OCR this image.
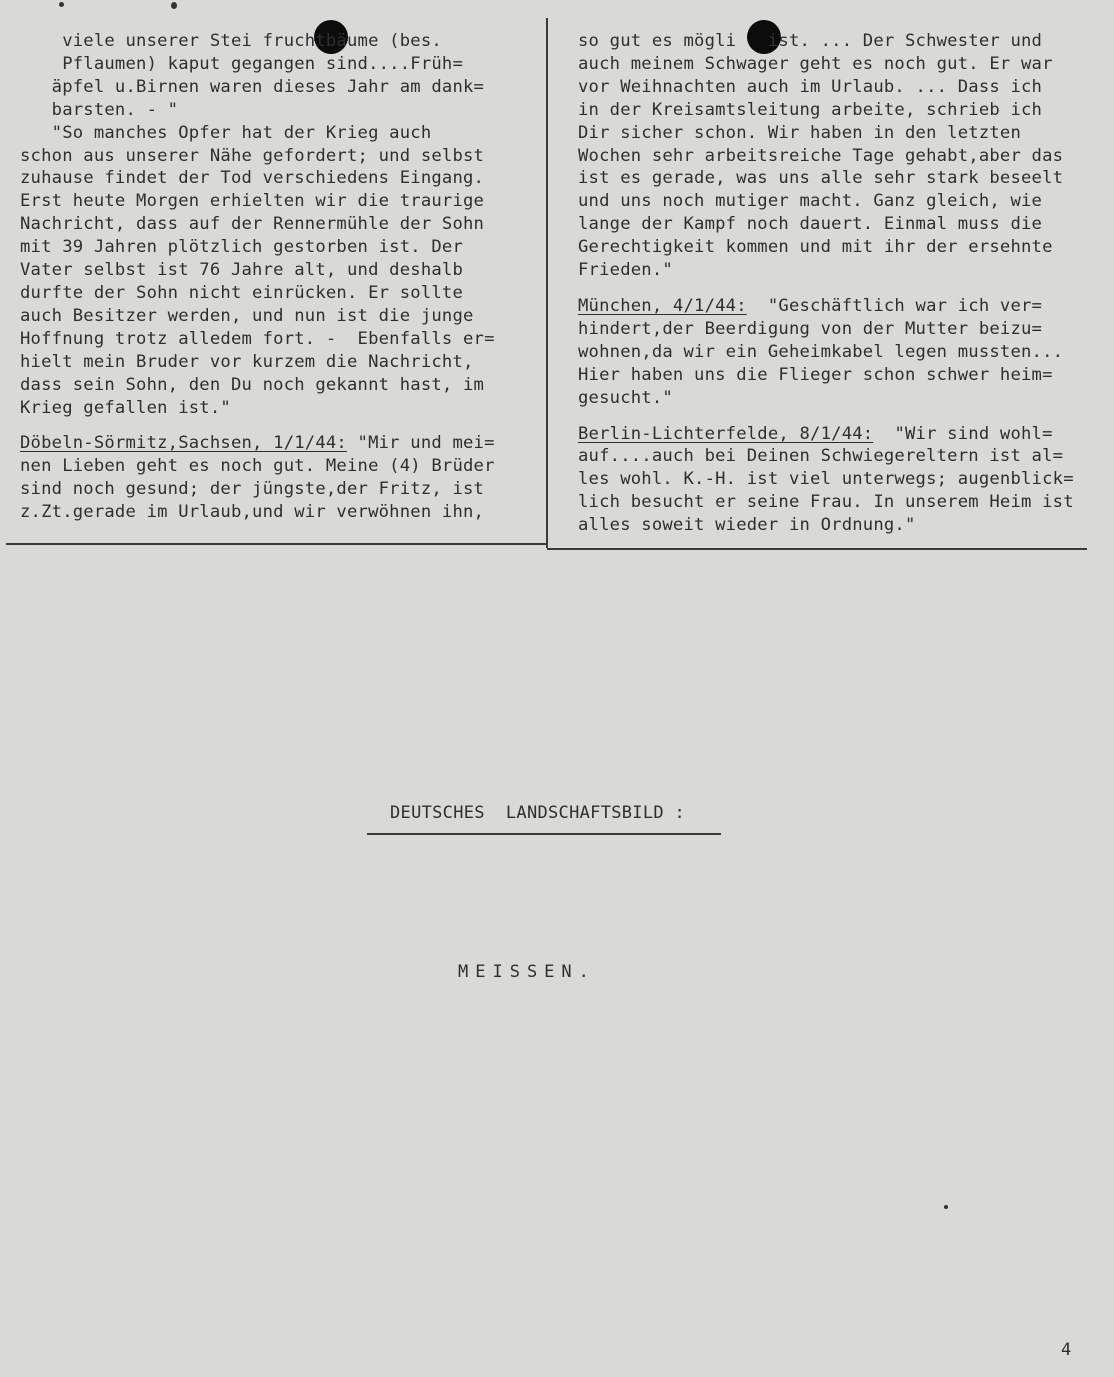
viele unserer Stei fruchtbäume (bes.

Pflaumen) kaput gegangen sind....Früh=

äpfel u.Birnen waren dieses Jahr am dank=

barsten. - "

"So manches Opfer hat der Krieg auch

schon aus unserer Nähe gefordert; und selbst

zuhause findet der Tod verschiedens Eingang.

Erst heute Morgen erhielten wir die traurige

Nachricht, dass auf der Rennermühle der Sohn

mit 39 Jahren plötzlich gestorben ist. Der

Vater selbst ist 76 Jahre alt, und deshalb

durfte der Sohn nicht einrücken. Er sollte

auch Besitzer werden, und nun ist die junge

Hoffnung trotz alledem fort. -  Ebenfalls er=

hielt mein Bruder vor kurzem die Nachricht,

dass sein Sohn, den Du noch gekannt hast, im

Krieg gefallen ist."

Döbeln-Sörmitz,Sachsen, 1/1/44: "Mir und mei=

nen Lieben geht es noch gut. Meine (4) Brüder

sind noch gesund; der jüngste,der Fritz, ist

z.Zt.gerade im Urlaub,und wir verwöhnen ihn,

so gut es mögli   ist. ... Der Schwester und

auch meinem Schwager geht es noch gut. Er war

vor Weihnachten auch im Urlaub. ... Dass ich

in der Kreisamtsleitung arbeite, schrieb ich

Dir sicher schon. Wir haben in den letzten

Wochen sehr arbeitsreiche Tage gehabt,aber das

ist es gerade, was uns alle sehr stark beseelt

und uns noch mutiger macht. Ganz gleich, wie

lange der Kampf noch dauert. Einmal muss die

Gerechtigkeit kommen und mit ihr der ersehnte

Frieden."

München, 4/1/44:  "Geschäftlich war ich ver=

hindert,der Beerdigung von der Mutter beizu=

wohnen,da wir ein Geheimkabel legen mussten...

Hier haben uns die Flieger schon schwer heim=

gesucht."

Berlin-Lichterfelde, 8/1/44:  "Wir sind wohl=

auf....auch bei Deinen Schwiegereltern ist al=

les wohl. K.-H. ist viel unterwegs; augenblick=

lich besucht er seine Frau. In unserem Heim ist

alles soweit wieder in Ordnung."

DEUTSCHES  LANDSCHAFTSBILD :
MEISSEN.
4
